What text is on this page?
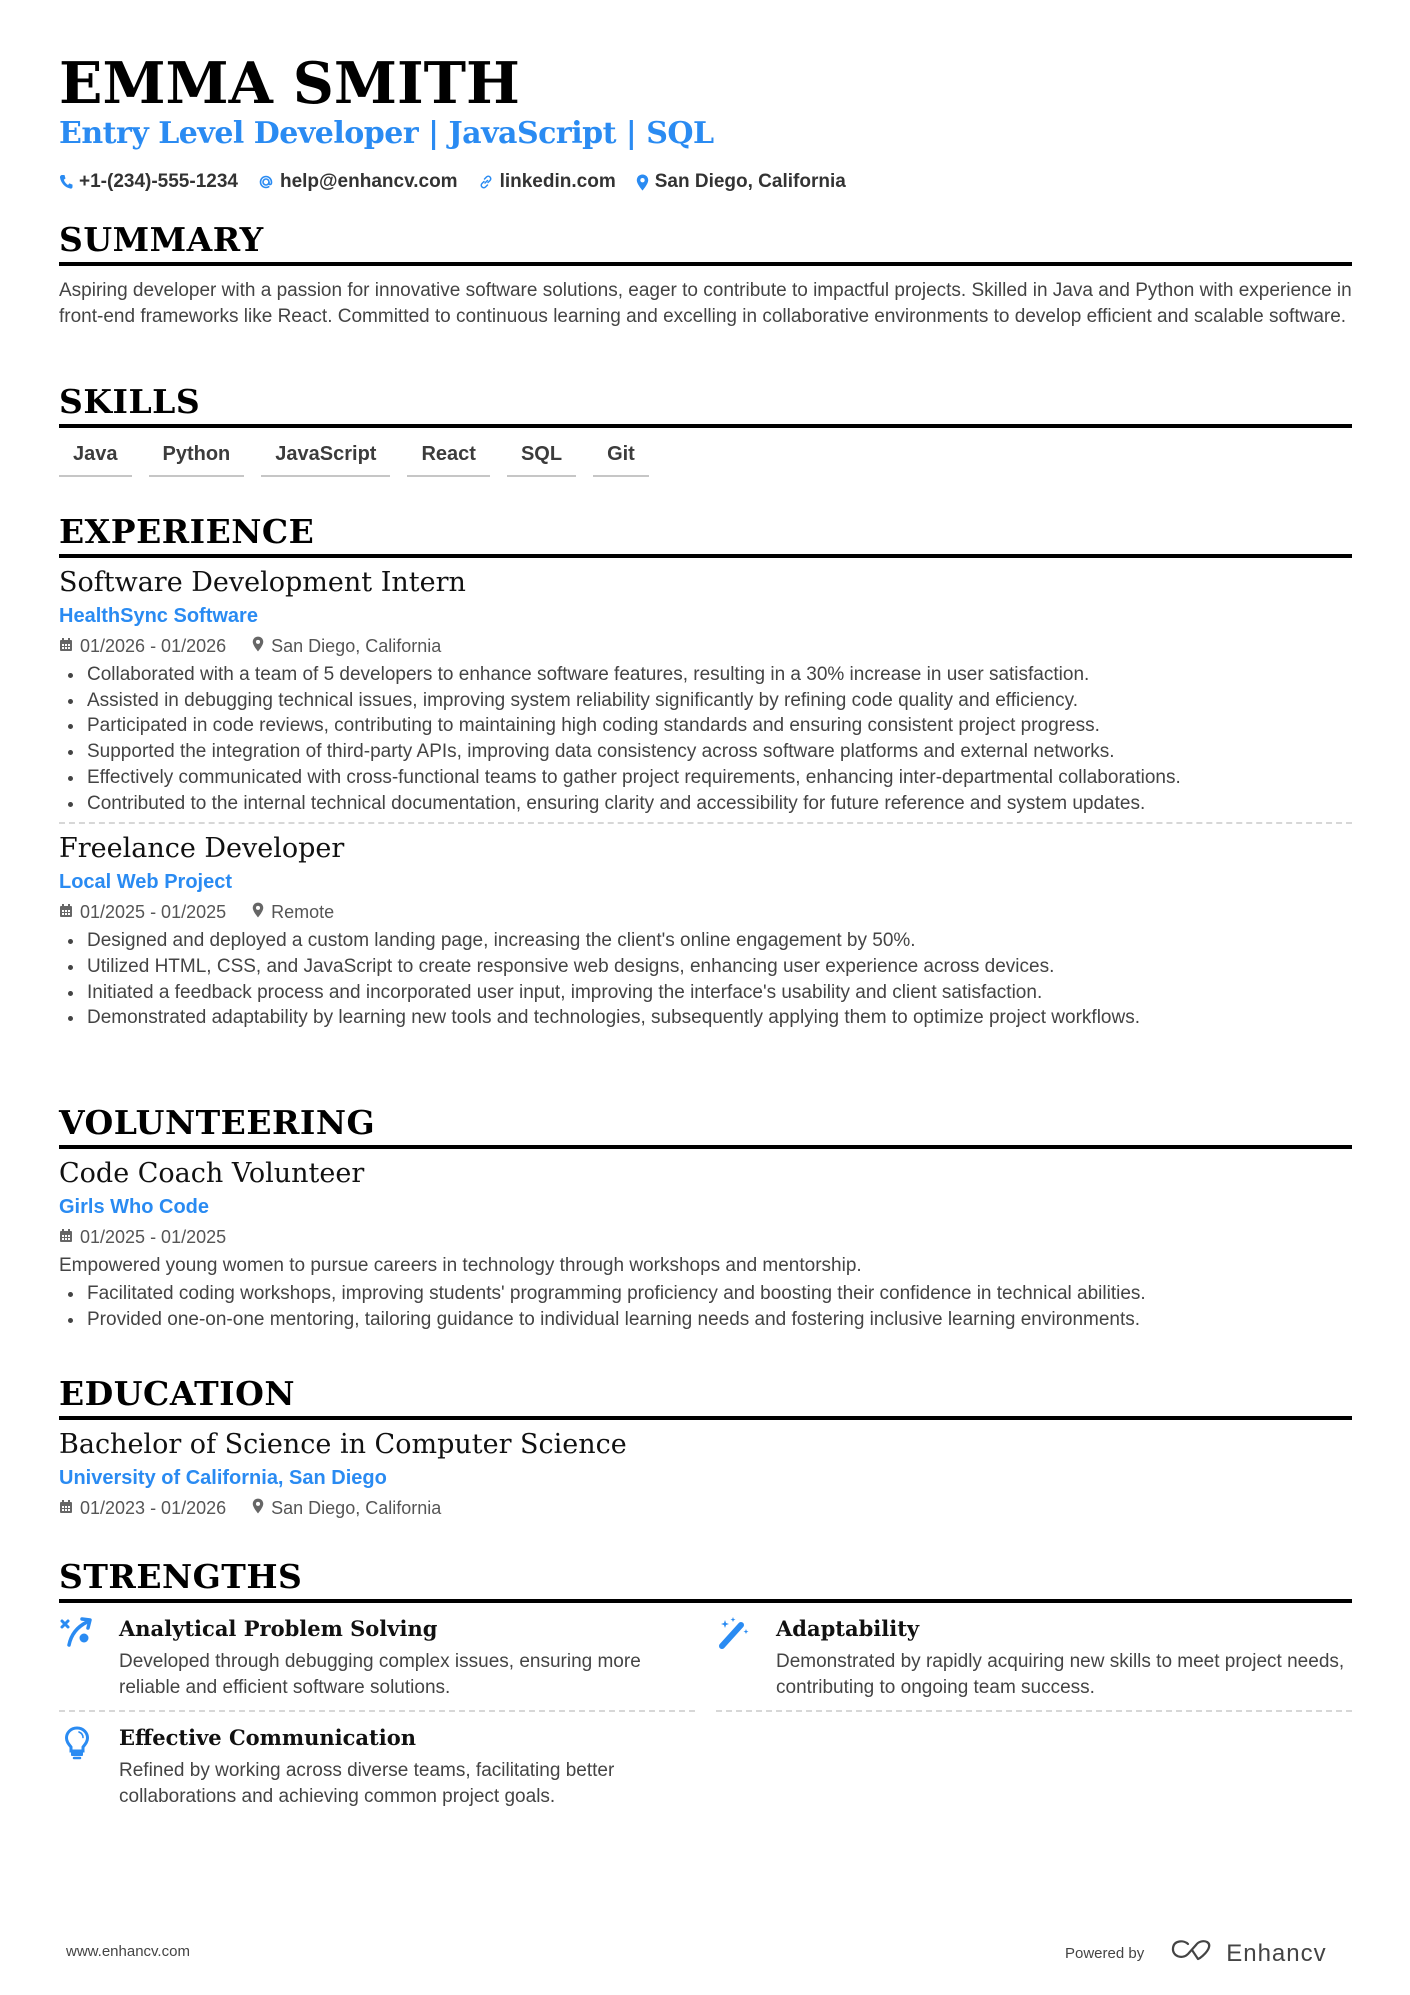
EMMA SMITH
Entry Level Developer | JavaScript | SQL
+1-(234)-555-1234 help@enhancv.com linkedin.com San Diego, California
SUMMARY
Aspiring developer with a passion for innovative software solutions, eager to contribute to impactful projects. Skilled in Java and Python with experience in front-end frameworks like React. Committed to continuous learning and excelling in collaborative environments to develop efficient and scalable software.
SKILLS
Java	Python	JavaScript	React	SQL	Git
EXPERIENCE
Software Development Intern
HealthSync Software
01/2026 - 01/2026	San Diego, California
Collaborated with a team of 5 developers to enhance software features, resulting in a 30% increase in user satisfaction.
Assisted in debugging technical issues, improving system reliability significantly by refining code quality and efficiency.
Participated in code reviews, contributing to maintaining high coding standards and ensuring consistent project progress.
Supported the integration of third-party APIs, improving data consistency across software platforms and external networks.
Effectively communicated with cross-functional teams to gather project requirements, enhancing inter-departmental collaborations.
Contributed to the internal technical documentation, ensuring clarity and accessibility for future reference and system updates.
Freelance Developer
Local Web Project
01/2025 - 01/2025	Remote
Designed and deployed a custom landing page, increasing the client's online engagement by 50%.
Utilized HTML, CSS, and JavaScript to create responsive web designs, enhancing user experience across devices.
Initiated a feedback process and incorporated user input, improving the interface's usability and client satisfaction.
Demonstrated adaptability by learning new tools and technologies, subsequently applying them to optimize project workflows.
VOLUNTEERING
Code Coach Volunteer
Girls Who Code
01/2025 - 01/2025
Empowered young women to pursue careers in technology through workshops and mentorship.
Facilitated coding workshops, improving students' programming proficiency and boosting their confidence in technical abilities.
Provided one-on-one mentoring, tailoring guidance to individual learning needs and fostering inclusive learning environments.
EDUCATION
Bachelor of Science in Computer Science
University of California, San Diego
01/2023 - 01/2026	San Diego, California
STRENGTHS
Analytical Problem Solving
Developed through debugging complex issues, ensuring more reliable and efficient software solutions.
Adaptability
Demonstrated by rapidly acquiring new skills to meet project needs, contributing to ongoing team success.
Effective Communication
Refined by working across diverse teams, facilitating better collaborations and achieving common project goals.
www.enhancv.com	Powered by	Enhancv
